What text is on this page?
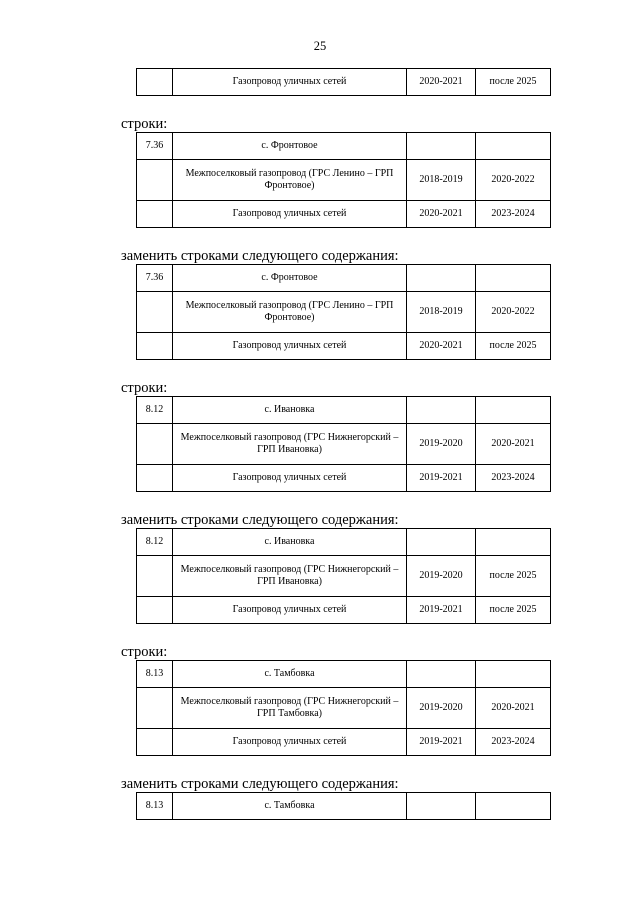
25
	Газопровод уличных сетей	2020-2021	после 2025
строки:
7.36	с. Фронтовое		
	Межпоселковый газопровод (ГРС Ленино – ГРП Фронтовое)	2018-2019	2020-2022
	Газопровод уличных сетей	2020-2021	2023-2024
заменить строками следующего содержания:
7.36	с. Фронтовое		
	Межпоселковый газопровод (ГРС Ленино – ГРП Фронтовое)	2018-2019	2020-2022
	Газопровод уличных сетей	2020-2021	после 2025
строки:
8.12	с. Ивановка		
	Межпоселковый газопровод (ГРС Нижнегорский – ГРП Ивановка)	2019-2020	2020-2021
	Газопровод уличных сетей	2019-2021	2023-2024
заменить строками следующего содержания:
8.12	с. Ивановка		
	Межпоселковый газопровод (ГРС Нижнегорский – ГРП Ивановка)	2019-2020	после 2025
	Газопровод уличных сетей	2019-2021	после 2025
строки:
8.13	с. Тамбовка		
	Межпоселковый газопровод (ГРС Нижнегорский – ГРП Тамбовка)	2019-2020	2020-2021
	Газопровод уличных сетей	2019-2021	2023-2024
заменить строками следующего содержания:
8.13	с. Тамбовка		
